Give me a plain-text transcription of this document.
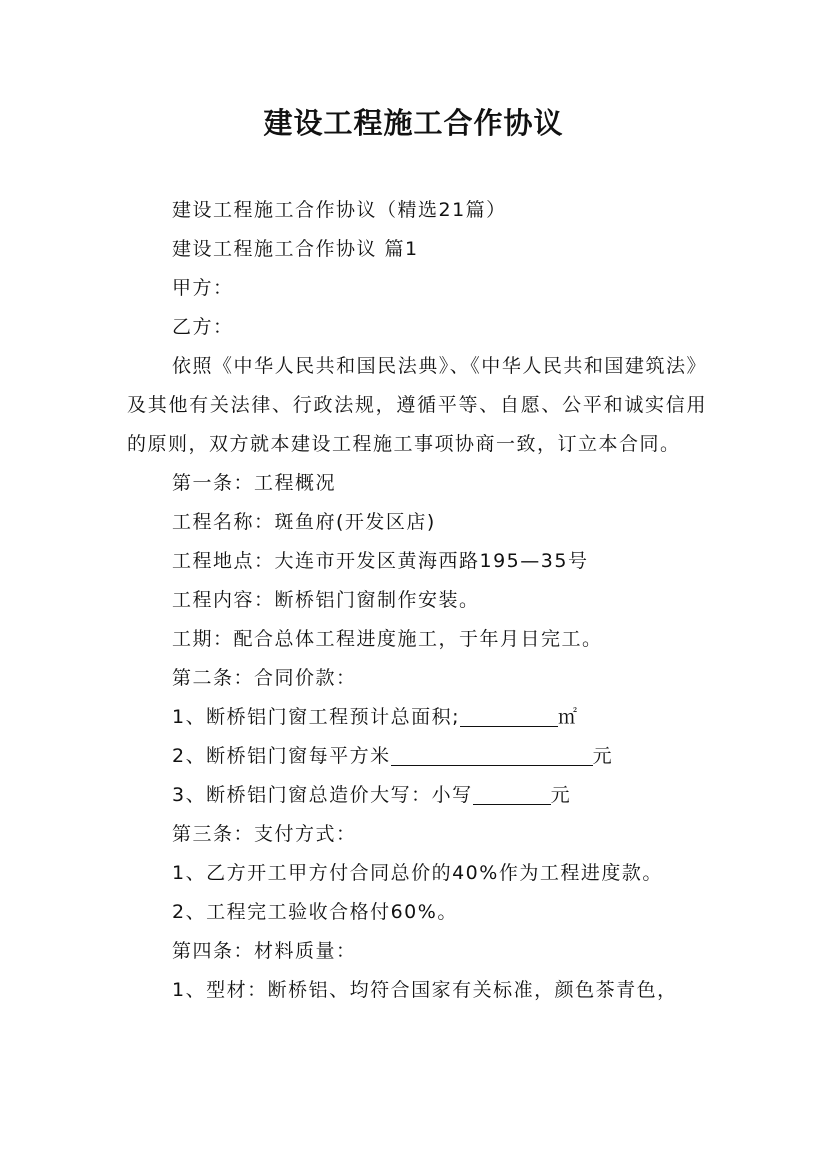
建设工程施工合作协议

建设工程施工合作协议（精选21篇）

建设工程施工合作协议 篇1

甲方：

乙方：

依照《中华人民共和国民法典》、《中华人民共和国建筑法》及其他有关法律、行政法规，遵循平等、自愿、公平和诚实信用的原则，双方就本建设工程施工事项协商一致，订立本合同。

第一条：工程概况

工程名称：斑鱼府(开发区店)

工程地点：大连市开发区黄海西路195—35号

工程内容：断桥铝门窗制作安装。

工期：配合总体工程进度施工，于年月日完工。

第二条：合同价款：

1、断桥铝门窗工程预计总面积;	㎡

2、断桥铝门窗每平方米	元

3、断桥铝门窗总造价大写：小写	元

第三条：支付方式：

1、乙方开工甲方付合同总价的40%作为工程进度款。

2、工程完工验收合格付60%。

第四条：材料质量：

1、型材：断桥铝、均符合国家有关标准，颜色茶青色，
